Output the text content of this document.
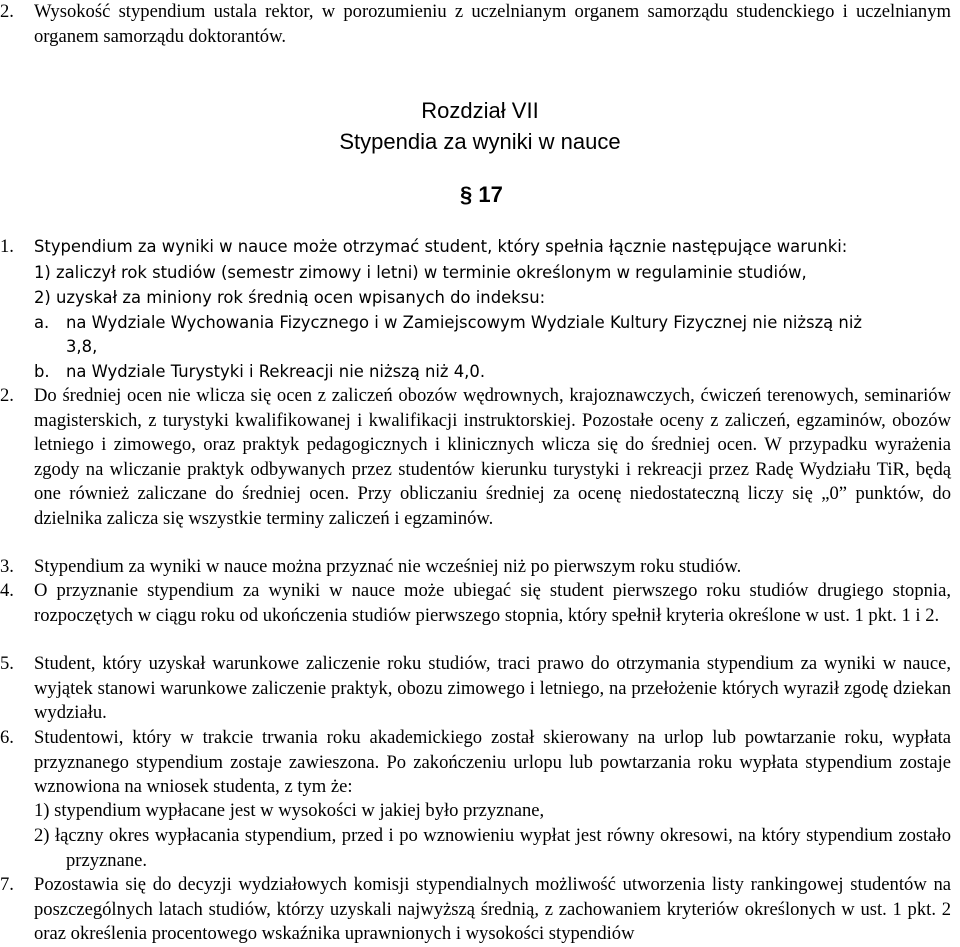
2. Wysokość stypendium ustala rektor, w porozumieniu z uczelnianym organem samorządu studenckiego i uczelnianym organem samorządu doktorantów.
Rozdział VII
Stypendia za wyniki w nauce
§ 17
1. Stypendium za wyniki w nauce może otrzymać student, który spełnia łącznie następujące warunki:
1) zaliczył rok studiów (semestr zimowy i letni) w terminie określonym w regulaminie studiów,
2) uzyskał za miniony rok średnią ocen wpisanych do indeksu:
a. na Wydziale Wychowania Fizycznego i w Zamiejscowym Wydziale Kultury Fizycznej nie niższą niż
3,8,
b. na Wydziale Turystyki i Rekreacji nie niższą niż 4,0.
2. Do średniej ocen nie wlicza się ocen z zaliczeń obozów wędrownych, krajoznawczych, ćwiczeń terenowych, seminariów magisterskich, z turystyki kwalifikowanej i kwalifikacji instruktorskiej. Pozostałe oceny z zaliczeń, egzaminów, obozów letniego i zimowego, oraz praktyk pedagogicznych i klinicznych wlicza się do średniej ocen. W przypadku wyrażenia zgody na wliczanie praktyk odbywanych przez studentów kierunku turystyki i rekreacji przez Radę Wydziału TiR, będą one również zaliczane do średniej ocen. Przy obliczaniu średniej za ocenę niedostateczną liczy się „0” punktów, do dzielnika zalicza się wszystkie terminy zaliczeń i egzaminów.
3. Stypendium za wyniki w nauce można przyznać nie wcześniej niż po pierwszym roku studiów.
4. O przyznanie stypendium za wyniki w nauce może ubiegać się student pierwszego roku studiów drugiego stopnia, rozpoczętych w ciągu roku od ukończenia studiów pierwszego stopnia, który spełnił kryteria określone w ust. 1 pkt. 1 i 2.
5. Student, który uzyskał warunkowe zaliczenie roku studiów, traci prawo do otrzymania stypendium za wyniki w nauce, wyjątek stanowi warunkowe zaliczenie praktyk, obozu zimowego i letniego, na przełożenie których wyraził zgodę dziekan wydziału.
6. Studentowi, który w trakcie trwania roku akademickiego został skierowany na urlop lub powtarzanie roku, wypłata przyznanego stypendium zostaje zawieszona. Po zakończeniu urlopu lub powtarzania roku wypłata stypendium zostaje wznowiona na wniosek studenta, z tym że:
1) stypendium wypłacane jest w wysokości w jakiej było przyznane,
2) łączny okres wypłacania stypendium, przed i po wznowieniu wypłat jest równy okresowi, na który stypendium zostało przyznane.
7. Pozostawia się do decyzji wydziałowych komisji stypendialnych możliwość utworzenia listy rankingowej studentów na poszczególnych latach studiów, którzy uzyskali najwyższą średnią, z zachowaniem kryteriów określonych w ust. 1 pkt. 2 oraz określenia procentowego wskaźnika uprawnionych i wysokości stypendiów
